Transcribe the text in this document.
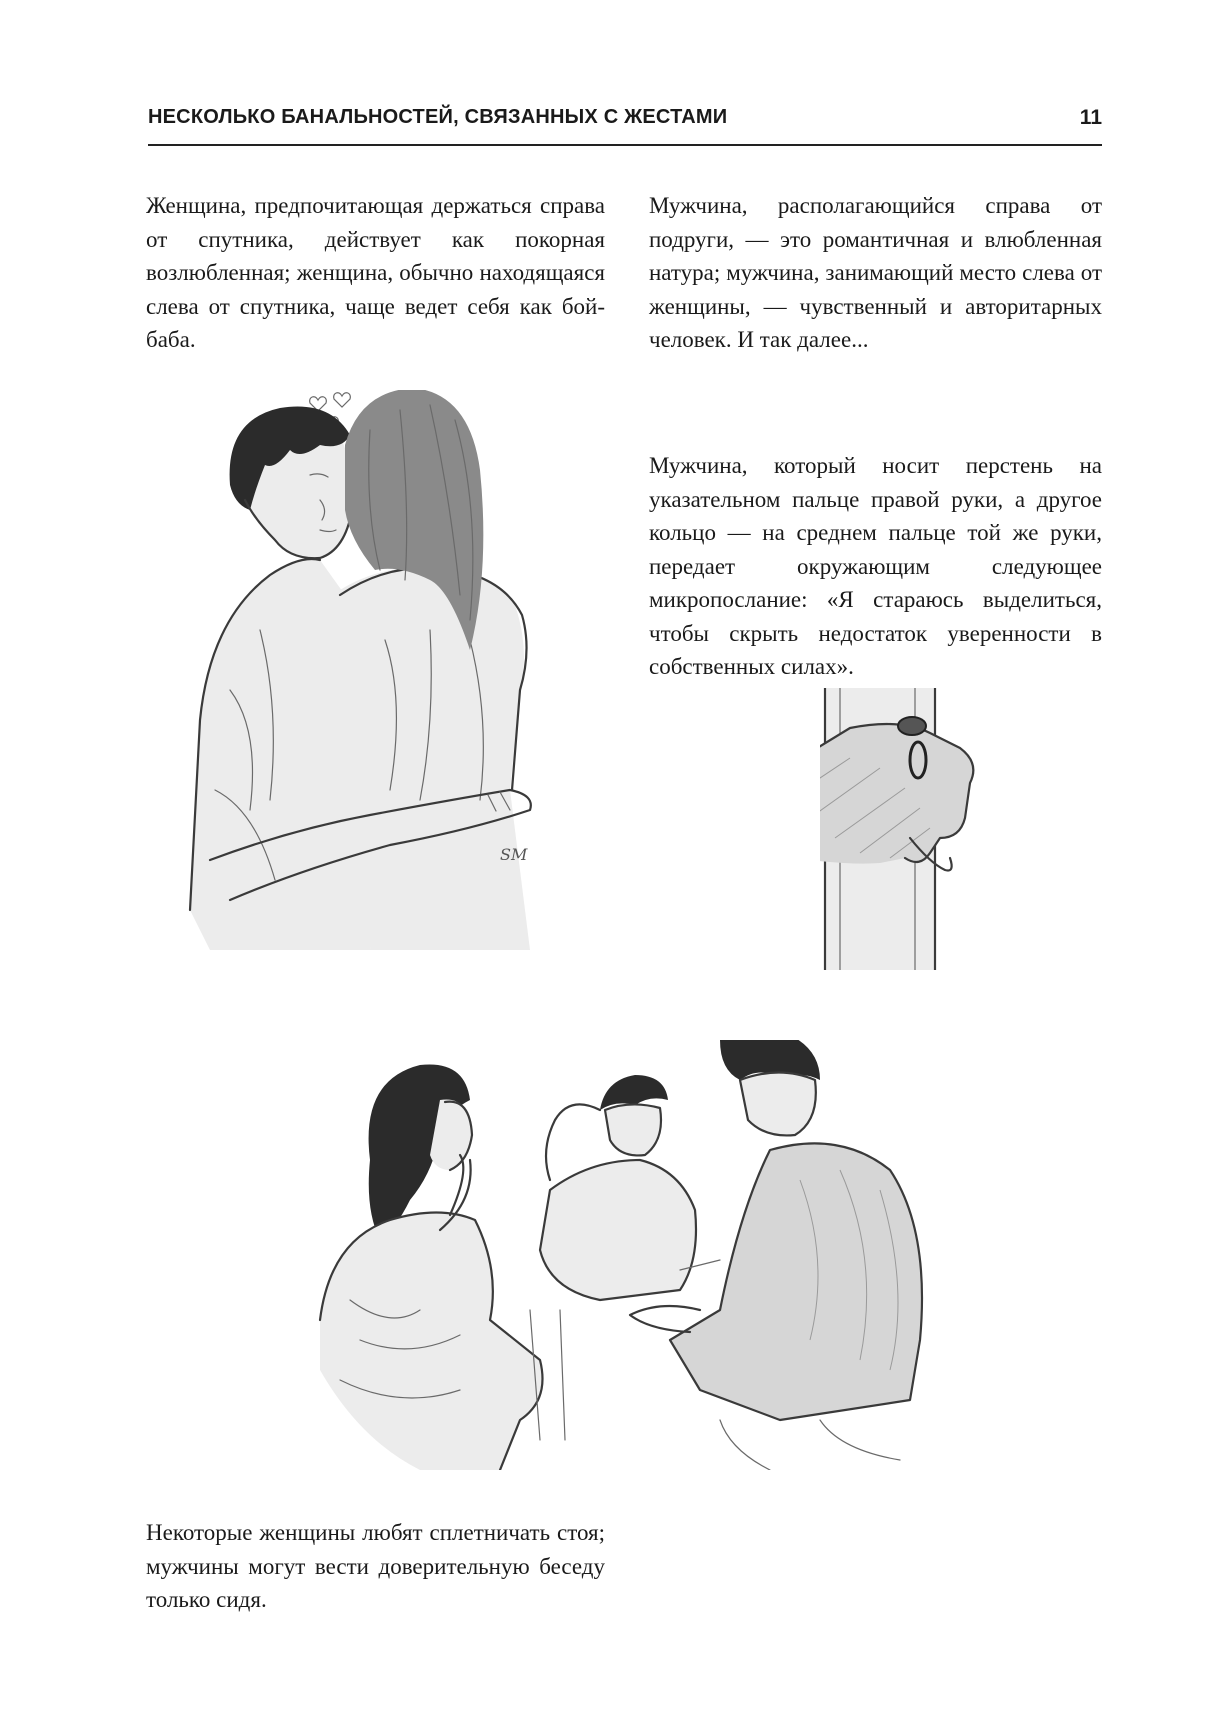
НЕСКОЛЬКО БАНАЛЬНОСТЕЙ, СВЯЗАННЫХ С ЖЕСТАМИ	11

Женщина, предпочитающая держаться справа от спутника, действует как покорная возлюбленная; женщина, обычно находящаяся слева от спутника, чаще ведет себя как бой-баба.

Мужчина, располагающийся справа от подруги, — это романтичная и влюбленная натура; мужчина, занимающий место слева от женщины, — чувственный и авторитарных человек. И так далее...

Мужчина, который носит перстень на указательном пальце правой руки, а другое кольцо — на среднем пальце той же руки, передает окружающим следующее микропослание: «Я стараюсь выделиться, чтобы скрыть недостаток уверенности в собственных силах».

Некоторые женщины любят сплетничать стоя; мужчины могут вести доверительную беседу только сидя.

SM
